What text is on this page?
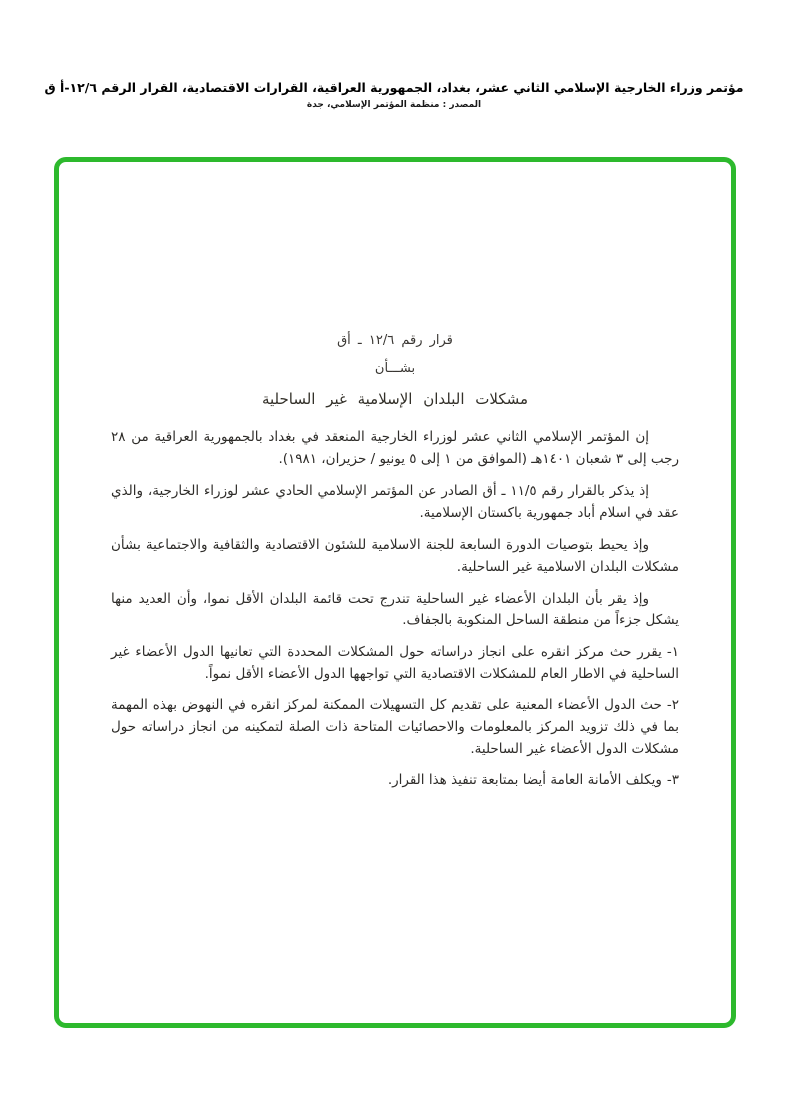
مؤتمر وزراء الخارجية الإسلامي الثاني عشر، بغداد، الجمهورية العراقية، القرارات الاقتصادية، القرار الرقم ١٢/٦-أ ق
المصدر : منظمة المؤتمر الإسلامي، جدة
قرار رقم ١٢/٦ ـ أق
بشـــأن
مشكلات البلدان الإسلامية غير الساحلية

إن المؤتمر الإسلامي الثاني عشر لوزراء الخارجية المنعقد في بغداد بالجمهورية العراقية من ٢٨ رجب إلى ٣ شعبان ١٤٠١هـ (الموافق من ١ إلى ٥ يونيو / حزيران، ١٩٨١).

إذ يذكر بالقرار رقم ١١/٥ ـ أق الصادر عن المؤتمر الإسلامي الحادي عشر لوزراء الخارجية، والذي عقد في اسلام أباد جمهورية باكستان الإسلامية.

وإذ يحيط بتوصيات الدورة السابعة للجنة الاسلامية للشئون الاقتصادية والثقافية والاجتماعية بشأن مشكلات البلدان الاسلامية غير الساحلية.

وإذ يقر بأن البلدان الأعضاء غير الساحلية تندرج تحت قائمة البلدان الأقل نموا، وأن العديد منها يشكل جزءاً من منطقة الساحل المنكوبة بالجفاف.

١-يقرر حث مركز انقره على انجاز دراساته حول المشكلات المحددة التي تعانيها الدول الأعضاء غير الساحلية في الاطار العام للمشكلات الاقتصادية التي تواجهها الدول الأعضاء الأقل نمواً.
٢-حث الدول الأعضاء المعنية على تقديم كل التسهيلات الممكنة لمركز انقره في النهوض بهذه المهمة بما في ذلك تزويد المركز بالمعلومات والاحصائيات المتاحة ذات الصلة لتمكينه من انجاز دراساته حول مشكلات الدول الأعضاء غير الساحلية.
٣-ويكلف الأمانة العامة أيضا بمتابعة تنفيذ هذا القرار.
